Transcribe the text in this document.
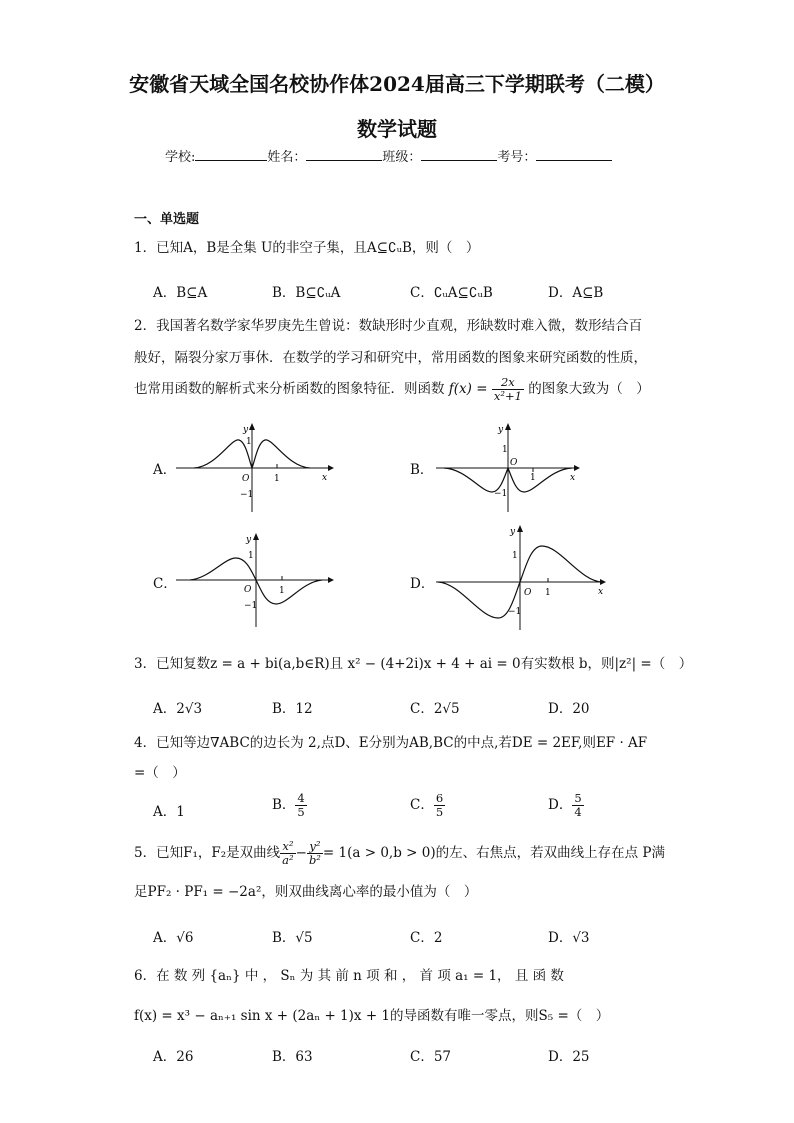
安徽省天域全国名校协作体2024届高三下学期联考（二模）
数学试题
学校:	姓名：	班级：	考号：
一、单选题
1．已知A，B是全集 U的非空子集，且A⊆∁ᵤB，则（　）
A．B⊆A	B．B⊆∁ᵤA	C．∁ᵤA⊆∁ᵤB	D．A⊆B
2．我国著名数学家华罗庚先生曾说：数缺形时少直观，形缺数时难入微，数形结合百
般好，隔裂分家万事休．在数学的学习和研究中，常用函数的图象来研究函数的性质，
也常用函数的解析式来分析函数的图象特征．则函数 $f(x) = \frac{2x}{\text{x²+1}}$ 的图象大致为（　）
A．	B．
C．	D．
y
x
O	1
1
−1
y
x
O
1
1
−1
y
O	1
1
−1
y
x
O 1
1
−1
3．已知复数z = a + bi(a,b∈R)且 x² − (4+2i)x + 4 + ai = 0有实数根 b，则|z²| =（　）
A．2√3	B．12	C．2√5	D．20
4．已知等边∇ABC的边长为 2,点D、E分别为AB,BC的中点,若DE = 2EF,则EF · AF
=（　）
A．1	B． $\frac{4}{5}$	C． $\frac{6}{5}$	D． $\frac{5}{4}$
5．已知F₁，F₂是双曲线 $\frac{\text{x²}}{\text{a²}} - \frac{\text{y²}}{\text{b²}} = 1(a > 0,b > 0)$的左、右焦点，若双曲线上存在点 P满
足PF₂ · PF₁ = −2a²，则双曲线离心率的最小值为（　）
A．√6	B．√5	C．2	D．√3
6．在 数 列 {aₙ} 中 ， Sₙ 为 其 前 n 项 和 ， 首 项 a₁ = 1， 且 函 数
f(x) = x³ − aₙ₊₁ sin x + (2aₙ + 1)x + 1的导函数有唯一零点，则S₅ =（　）
A．26	B．63	C．57	D．25
